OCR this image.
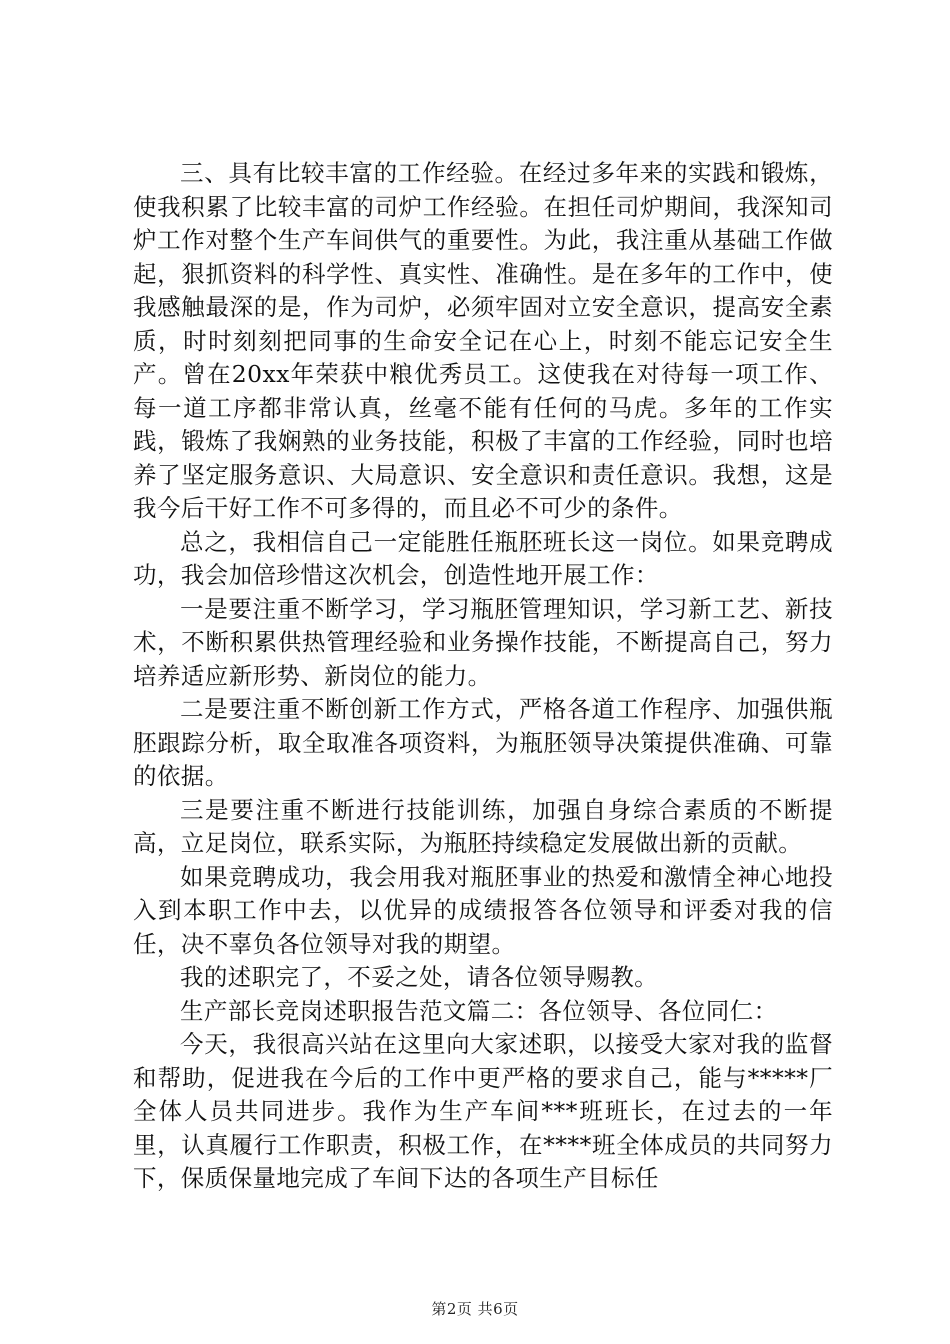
三、具有比较丰富的工作经验。在经过多年来的实践和锻炼，使我积累了比较丰富的司炉工作经验。在担任司炉期间，我深知司炉工作对整个生产车间供气的重要性。为此，我注重从基础工作做起，狠抓资料的科学性、真实性、准确性。是在多年的工作中，使我感触最深的是，作为司炉，必须牢固对立安全意识，提高安全素质，时时刻刻把同事的生命安全记在心上，时刻不能忘记安全生产。曾在20xx年荣获中粮优秀员工。这使我在对待每一项工作、每一道工序都非常认真，丝毫不能有任何的马虎。多年的工作实践，锻炼了我娴熟的业务技能，积极了丰富的工作经验，同时也培养了坚定服务意识、大局意识、安全意识和责任意识。我想，这是我今后干好工作不可多得的，而且必不可少的条件。

总之，我相信自己一定能胜任瓶胚班长这一岗位。如果竞聘成功，我会加倍珍惜这次机会，创造性地开展工作：

一是要注重不断学习，学习瓶胚管理知识，学习新工艺、新技术，不断积累供热管理经验和业务操作技能，不断提高自己，努力培养适应新形势、新岗位的能力。

二是要注重不断创新工作方式，严格各道工作程序、加强供瓶胚跟踪分析，取全取准各项资料，为瓶胚领导决策提供准确、可靠的依据。

三是要注重不断进行技能训练，加强自身综合素质的不断提高，立足岗位，联系实际，为瓶胚持续稳定发展做出新的贡献。

如果竞聘成功，我会用我对瓶胚事业的热爱和激情全神心地投入到本职工作中去，以优异的成绩报答各位领导和评委对我的信任，决不辜负各位领导对我的期望。

我的述职完了，不妥之处，请各位领导赐教。

生产部长竞岗述职报告范文篇二：各位领导、各位同仁：

今天，我很高兴站在这里向大家述职，以接受大家对我的监督和帮助，促进我在今后的工作中更严格的要求自己，能与*****厂全体人员共同进步。我作为生产车间***班班长，在过去的一年里，认真履行工作职责，积极工作，在****班全体成员的共同努力下，保质保量地完成了车间下达的各项生产目标任

第2页 共6页
